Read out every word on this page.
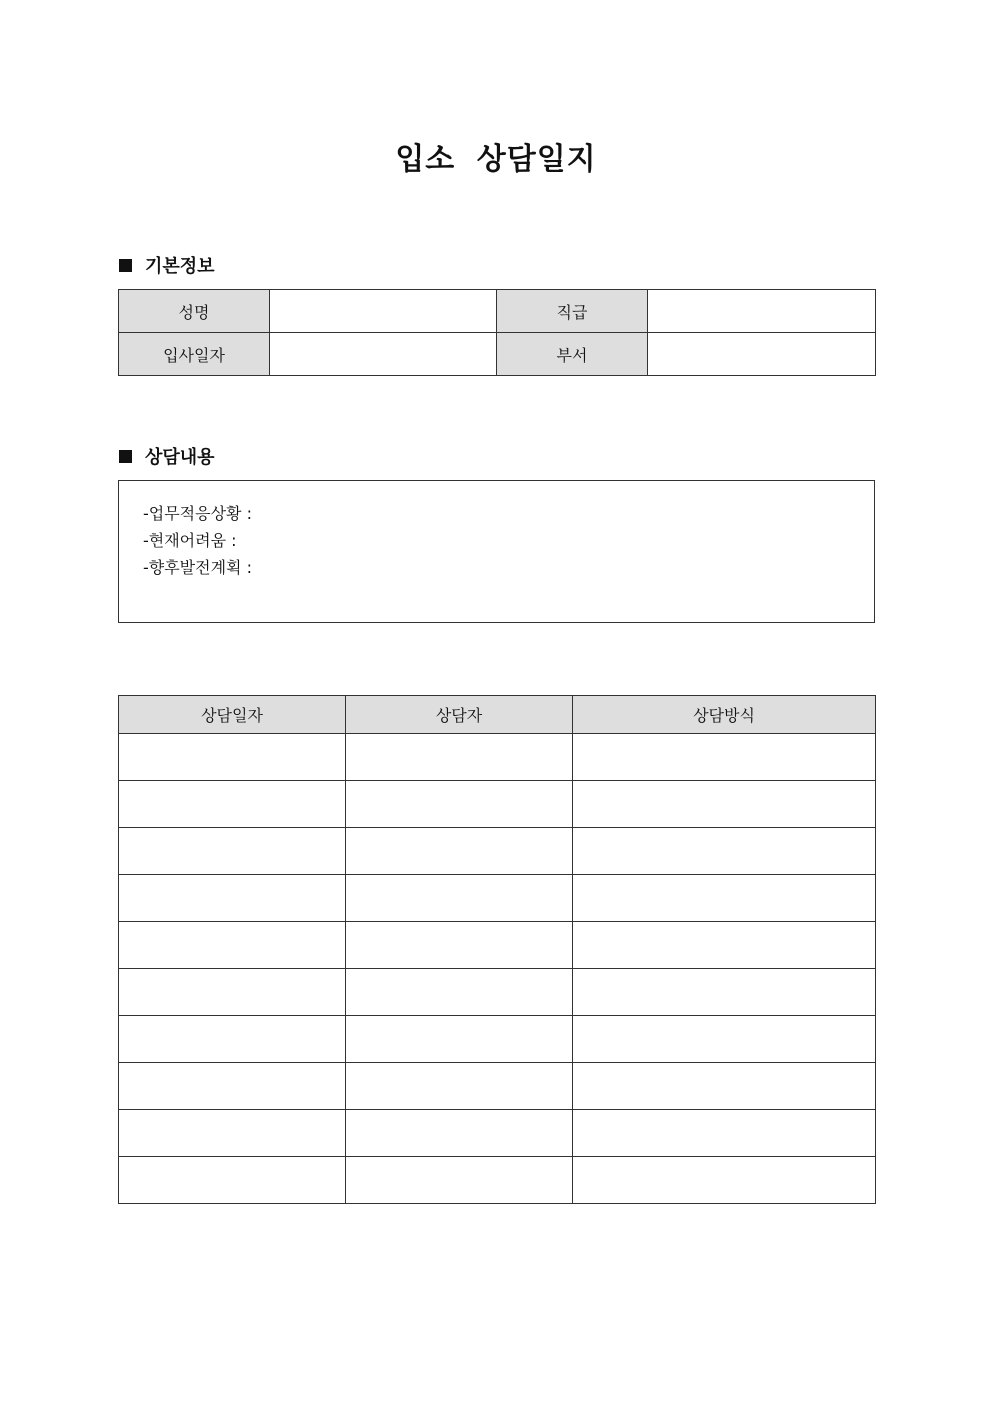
입소 상담일지
기본정보
성명		직급	
입사일자		부서	
상담내용
-업무적응상황 :
-현재어려움 :
-향후발전계획 :
상담일자	상담자	상담방식
